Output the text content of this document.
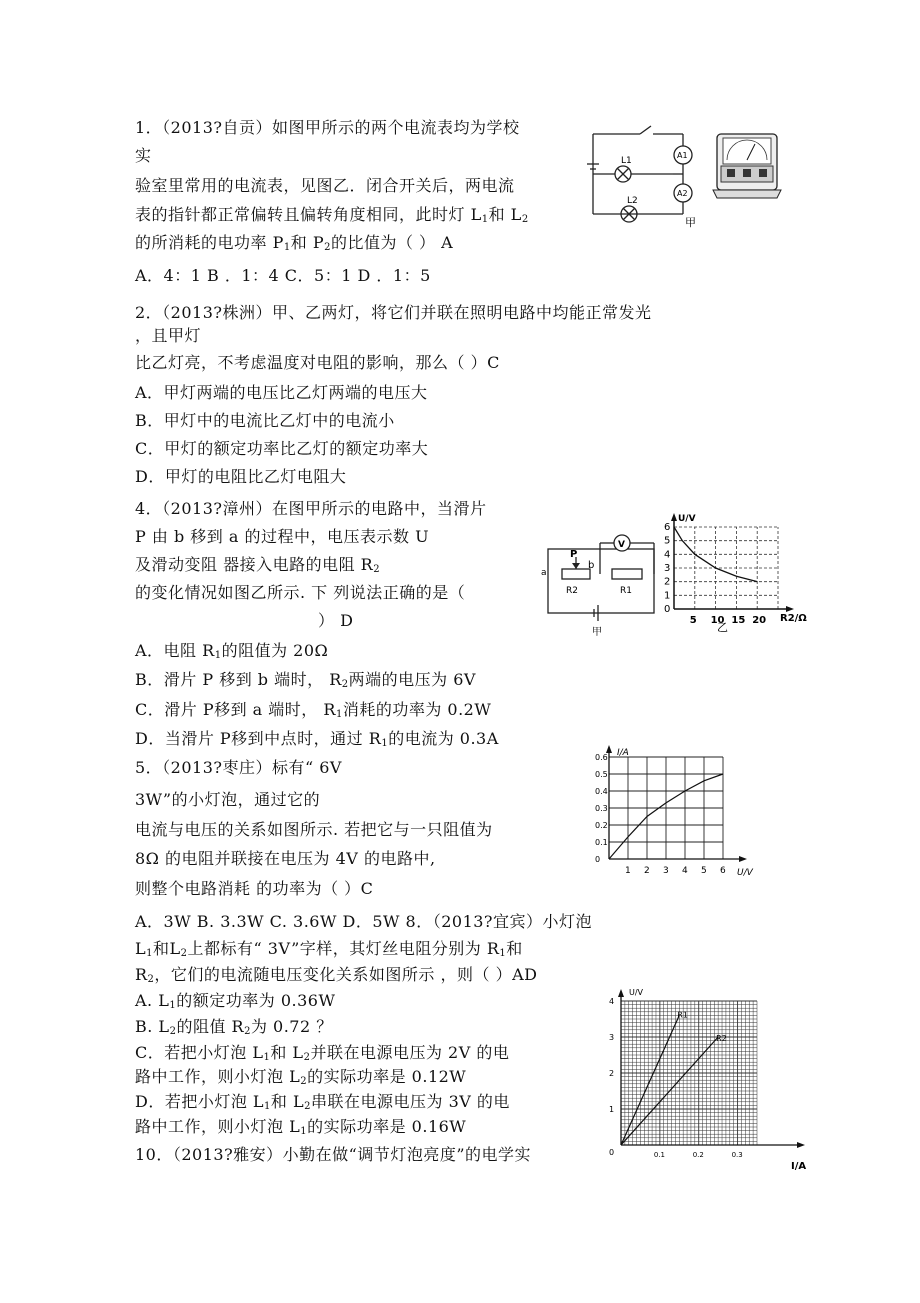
1．（2013?自贡）如图甲所示的两个电流表均为学校
实
验室里常用的电流表，见图乙．闭合开关后，两电流
表的指针都正常偏转且偏转角度相同，此时灯 $L_1$和 $L_2$
的所消耗的电功率 $P_1$和 $P_2$的比值为（ ） A
A．4：1 B ．1：4 C．5：1 D ．1：5
2．（2013?株洲）甲、乙两灯，将它们并联在照明电路中均能正常发光
，且甲灯
比乙灯亮，不考虑温度对电阻的影响，那么（ ）C
A．甲灯两端的电压比乙灯两端的电压大
B．甲灯中的电流比乙灯中的电流小
C．甲灯的额定功率比乙灯的额定功率大
D．甲灯的电阻比乙灯电阻大
4．（2013?漳州）在图甲所示的电路中，当滑片
P 由 b 移到 a 的过程中，电压表示数 U
及滑动变阻 器接入电路的电阻 $R_2$
的变化情况如图乙所示. 下 列说法正确的是（
） D
A．电阻 $R_1$的阻值为 20Ω
B．滑片 P 移到 b 端时， $R_2$两端的电压为 6V
C．滑片 P移到 a 端时， $R_1$消耗的功率为 0.2W
D．当滑片 P移到中点时，通过 $R_1$的电流为 0.3A
5．（2013?枣庄）标有“ 6V
3W”的小灯泡，通过它的
电流与电压的关系如图所示. 若把它与一只阻值为
8Ω 的电阻并联接在电压为 4V 的电路中,
则整个电路消耗 的功率为（ ）C
A．3W B. 3.3W C. 3.6W D．5W 8．（2013?宜宾）小灯泡
$L_1$和$L_2$上都标有“ 3V”字样，其灯丝电阻分别为 $R_1$和
$R_2$，它们的电流随电压变化关系如图所示 ，则（ ）AD
A. $L_1$的额定功率为 0.36W
B. $L_2$的阻值 $R_2$为 0.72 ？
C．若把小灯泡 $L_1$和 $L_2$并联在电源电压为 2V 的电
路中工作，则小灯泡 $L_2$的实际功率是 0.12W
D．若把小灯泡 $L_1$和 $L_2$串联在电源电压为 3V 的电
路中工作，则小灯泡 $L_1$的实际功率是 0.16W
10．（2013?雅安）小勤在做“调节灯泡亮度”的电学实
L1
L2
A1
A2
甲
a
P
b
V
R2	R1
甲
6
5
4
3
2
1
0
5 10 15 20
U/V
R2/Ω
乙
0.6
0.5
0.4
0.3
0.2
0.1
0
1 2 3 4 5 6
I/A
U/V
4
3
2
1
0.1	0.2	0.3
R1
R2
U/V
I/A
0
